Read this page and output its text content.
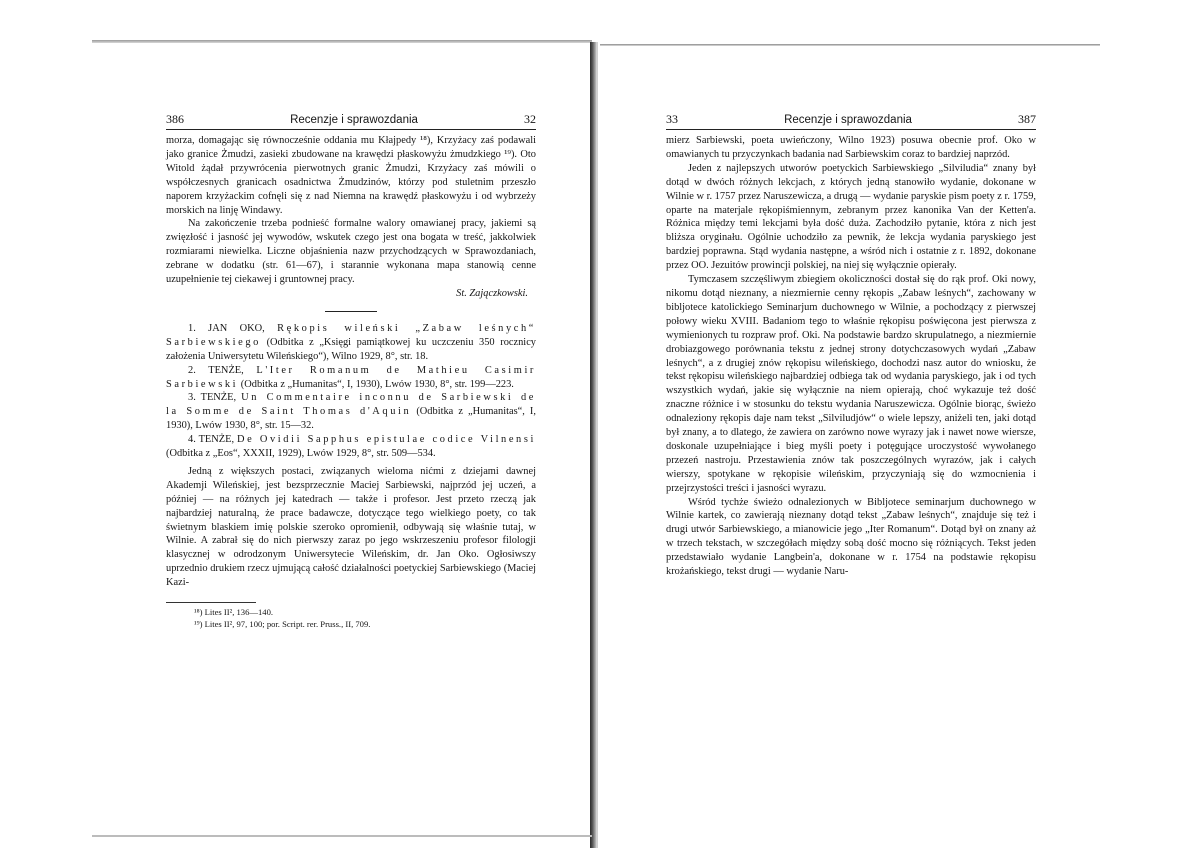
386	Recenzje i sprawozdania	32

morza, domagając się równocześnie oddania mu Kłajpedy ¹⁸), Krzyżacy zaś podawali jako granice Żmudzi, zasieki zbudowane na krawędzi płaskowyżu żmudzkiego ¹⁹). Oto Witold żądał przywrócenia pierwotnych granic Żmudzi, Krzyżacy zaś mówili o współczesnych granicach osadnictwa Żmudzinów, którzy pod stuletnim przeszło naporem krzyżackim cofnęli się z nad Niemna na krawędź płaskowyżu i od wybrzeży morskich na linję Windawy.

Na zakończenie trzeba podnieść formalne walory omawianej pracy, jakiemi są zwięzłość i jasność jej wywodów, wskutek czego jest ona bogata w treść, jakkolwiek rozmiarami niewielka. Liczne objaśnienia nazw przychodzących w Sprawozdaniach, zebrane w dodatku (str. 61—67), i starannie wykonana mapa stanowią cenne uzupełnienie tej ciekawej i gruntownej pracy.

St. Zajączkowski.

1. JAN OKO, Rękopis wileński „Zabaw leśnych“ Sarbiewskiego (Odbitka z „Księgi pamiątkowej ku uczczeniu 350 rocznicy założenia Uniwersytetu Wileńskiego“), Wilno 1929, 8°, str. 18.

2. TENŻE, L'Iter Romanum de Mathieu Casimir Sarbiewski (Odbitka z „Humanitas“, I, 1930), Lwów 1930, 8°, str. 199—223.

3. TENŻE, Un Commentaire inconnu de Sarbiewski de la Somme de Saint Thomas d'Aquin (Odbitka z „Humanitas“, I, 1930), Lwów 1930, 8°, str. 15—32.

4. TENŻE, De Ovidii Sapphus epistulae codice Vilnensi (Odbitka z „Eos“, XXXII, 1929), Lwów 1929, 8°, str. 509—534.

Jedną z większych postaci, związanych wieloma nićmi z dziejami dawnej Akademji Wileńskiej, jest bezsprzecznie Maciej Sarbiewski, najprzód jej uczeń, a później — na różnych jej katedrach — także i profesor. Jest przeto rzeczą jak najbardziej naturalną, że prace badawcze, dotyczące tego wielkiego poety, co tak świetnym blaskiem imię polskie szeroko opromienił, odbywają się właśnie tutaj, w Wilnie. A zabrał się do nich pierwszy zaraz po jego wskrzeszeniu profesor filologji klasycznej w odrodzonym Uniwersytecie Wileńskim, dr. Jan Oko. Ogłosiwszy uprzednio drukiem rzecz ujmującą całość działalności poetyckiej Sarbiewskiego (Maciej Kazi-

¹⁸) Lites II², 136—140.
¹⁹) Lites II², 97, 100; por. Script. rer. Pruss., II, 709.
33	Recenzje i sprawozdania	387

mierz Sarbiewski, poeta uwieńczony, Wilno 1923) posuwa obecnie prof. Oko w omawianych tu przyczynkach badania nad Sarbiewskim coraz to bardziej naprzód.

Jeden z najlepszych utworów poetyckich Sarbiewskiego „Silviludia“ znany był dotąd w dwóch różnych lekcjach, z których jedną stanowiło wydanie, dokonane w Wilnie w r. 1757 przez Naruszewicza, a drugą — wydanie paryskie pism poety z r. 1759, oparte na materjale rękopiśmiennym, zebranym przez kanonika Van der Ketten'a. Różnica między temi lekcjami była dość duża. Zachodziło pytanie, która z nich jest bliższa oryginału. Ogólnie uchodziło za pewnik, że lekcja wydania paryskiego jest bardziej poprawna. Stąd wydania następne, a wśród nich i ostatnie z r. 1892, dokonane przez OO. Jezuitów prowincji polskiej, na niej się wyłącznie opierały.

Tymczasem szczęśliwym zbiegiem okoliczności dostał się do rąk prof. Oki nowy, nikomu dotąd nieznany, a niezmiernie cenny rękopis „Zabaw leśnych“, zachowany w bibljotece katolickiego Seminarjum duchownego w Wilnie, a pochodzący z pierwszej połowy wieku XVIII. Badaniom tego to właśnie rękopisu poświęcona jest pierwsza z wymienionych tu rozpraw prof. Oki. Na podstawie bardzo skrupulatnego, a niezmiernie drobiazgowego porównania tekstu z jednej strony dotychczasowych wydań „Zabaw leśnych“, a z drugiej znów rękopisu wileńskiego, dochodzi nasz autor do wniosku, że tekst rękopisu wileńskiego najbardziej odbiega tak od wydania paryskiego, jak i od tych wszystkich wydań, jakie się wyłącznie na niem opierają, choć wykazuje też dość znaczne różnice i w stosunku do tekstu wydania Naruszewicza. Ogólnie biorąc, świeżo odnaleziony rękopis daje nam tekst „Silviludjów“ o wiele lepszy, aniżeli ten, jaki dotąd był znany, a to dlatego, że zawiera on zarówno nowe wyrazy jak i nawet nowe wiersze, doskonale uzupełniające i bieg myśli poety i potęgujące uroczystość wywołanego przezeń nastroju. Przestawienia znów tak poszczególnych wyrazów, jak i całych wierszy, spotykane w rękopisie wileńskim, przyczyniają się do wzmocnienia i przejrzystości treści i jasności wyrazu.

Wśród tychże świeżo odnalezionych w Bibljotece seminarjum duchownego w Wilnie kartek, co zawierają nieznany dotąd tekst „Zabaw leśnych“, znajduje się też i drugi utwór Sarbiewskiego, a mianowicie jego „Iter Romanum“. Dotąd był on znany aż w trzech tekstach, w szczegółach między sobą dość mocno się różniących. Tekst jeden przedstawiało wydanie Langbein'a, dokonane w r. 1754 na podstawie rękopisu krożańskiego, tekst drugi — wydanie Naru-
